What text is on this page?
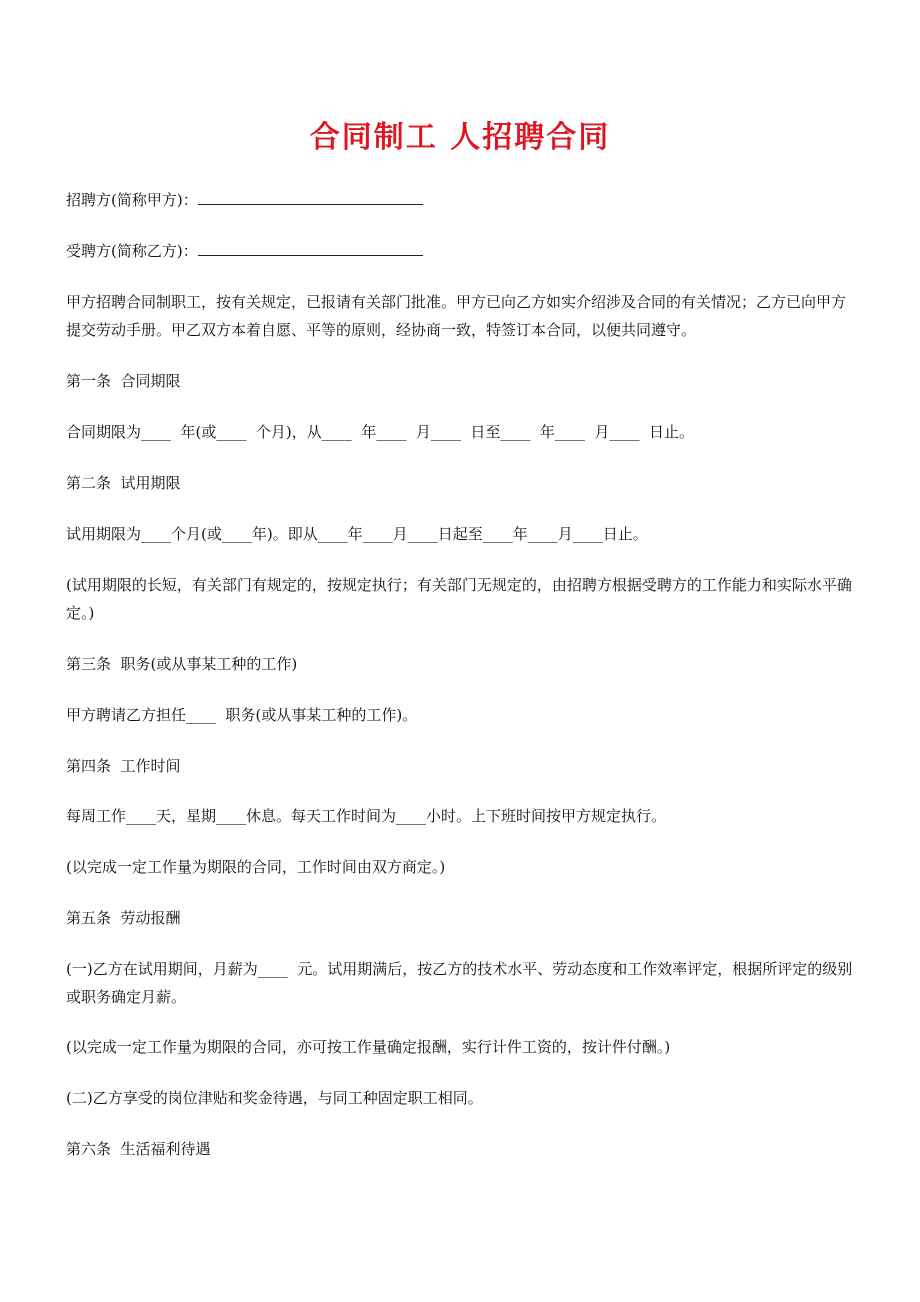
合同制工 人招聘合同

招聘方(简称甲方)：

受聘方(简称乙方)：

甲方招聘合同制职工，按有关规定，已报请有关部门批准。甲方已向乙方如实介绍涉及合同的有关情况；乙方已向甲方提交劳动手册。甲乙双方本着自愿、平等的原则，经协商一致，特签订本合同，以便共同遵守。

第一条  合同期限

合同期限为____  年(或____  个月)，从____  年____  月____  日至____  年____  月____  日止。

第二条  试用期限

试用期限为____个月(或____年)。即从____年____月____日起至____年____月____日止。

(试用期限的长短，有关部门有规定的，按规定执行；有关部门无规定的，由招聘方根据受聘方的工作能力和实际水平确定。)

第三条  职务(或从事某工种的工作)

甲方聘请乙方担任____  职务(或从事某工种的工作)。

第四条  工作时间

每周工作____天，星期____休息。每天工作时间为____小时。上下班时间按甲方规定执行。

(以完成一定工作量为期限的合同，工作时间由双方商定。)

第五条  劳动报酬

(一)乙方在试用期间，月薪为____  元。试用期满后，按乙方的技术水平、劳动态度和工作效率评定，根据所评定的级别或职务确定月薪。

(以完成一定工作量为期限的合同，亦可按工作量确定报酬，实行计件工资的，按计件付酬。)

(二)乙方享受的岗位津贴和奖金待遇，与同工种固定职工相同。

第六条  生活福利待遇
